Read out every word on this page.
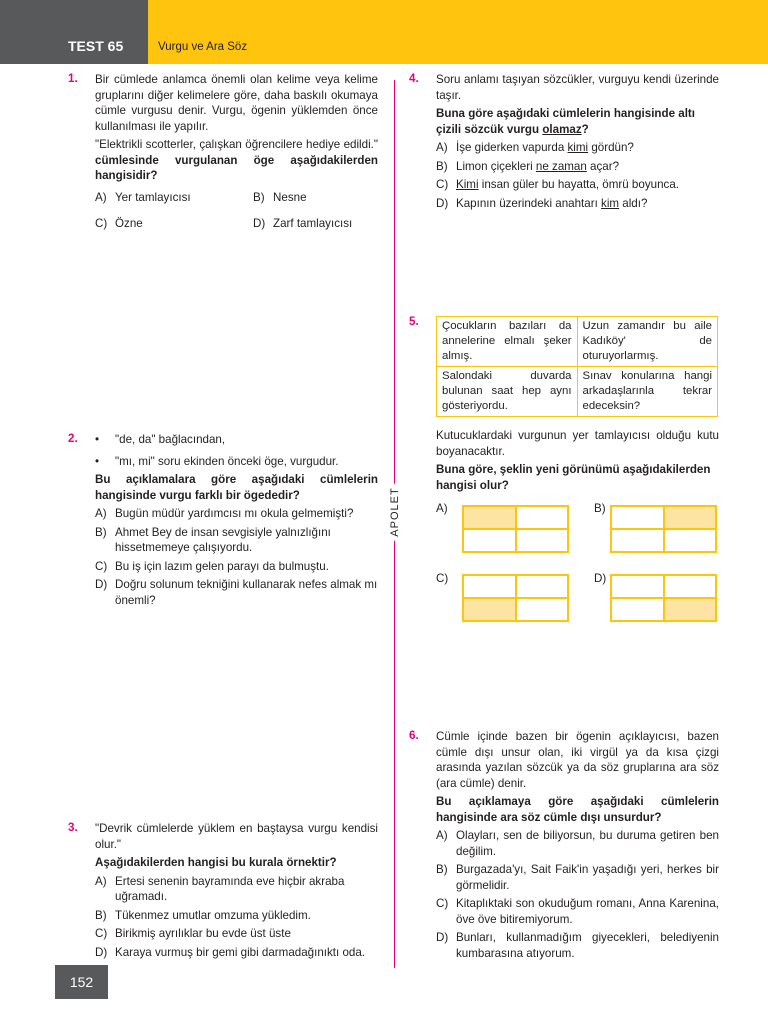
TEST 65	Vurgu ve Ara Söz
APOLET
1. Bir cümlede anlamca önemli olan kelime veya kelime gruplarını diğer kelimelere göre, daha baskılı okumaya cümle vurgusu denir. Vurgu, ögenin yüklemden önce kullanılması ile yapılır.

"Elektrikli scotterler, çalışkan öğrencilere hediye edildi." cümlesinde vurgulanan öge aşağıdakilerden hangisidir?

A) Yer tamlayıcısı	B) Nesne
C) Özne	D) Zarf tamlayıcısı
2. •	"de, da" bağlacından,
•	"mı, mi" soru ekinden önceki öge, vurgudur.

Bu açıklamalara göre aşağıdaki cümlelerin hangisinde vurgu farklı bir ögededir?

A) Bugün müdür yardımcısı mı okula gelmemişti?
B) Ahmet Bey de insan sevgisiyle yalnızlığını hissetmemeye çalışıyordu.
C) Bu iş için lazım gelen parayı da bulmuştu.
D) Doğru solunum tekniğini kullanarak nefes almak mı önemli?
3. "Devrik cümlelerde yüklem en baştaysa vurgu kendisi olur."

Aşağıdakilerden hangisi bu kurala örnektir?

A) Ertesi senenin bayramında eve hiçbir akraba uğramadı.
B) Tükenmez umutlar omzuma yükledim.
C) Birikmiş ayrılıklar bu evde üst üste
D) Karaya vurmuş bir gemi gibi darmadağınıktı oda.
4. Soru anlamı taşıyan sözcükler, vurguyu kendi üzerinde taşır.

Buna göre aşağıdaki cümlelerin hangisinde altı çizili sözcük vurgu olamaz?

A) İşe giderken vapurda kimi gördün?
B) Limon çiçekleri ne zaman açar?
C) Kimi insan güler bu hayatta, ömrü boyunca.
D) Kapının üzerindeki anahtarı kim aldı?
5. Çocukların bazıları da annelerine elmalı şeker almış.	Uzun zamandır bu aile Kadıköy' de oturuyorlarmış.
Salondaki duvarda bulunan saat hep aynı gösteriyordu.	Sınav konularına hangi arkadaşlarınla tekrar edeceksin?

Kutucuklardaki vurgunun yer tamlayıcısı olduğu kutu boyanacaktır.

Buna göre, şeklin yeni görünümü aşağıdakilerden hangisi olur?

A)	B)
C)	D)
6. Cümle içinde bazen bir ögenin açıklayıcısı, bazen cümle dışı unsur olan, iki virgül ya da kısa çizgi arasında yazılan sözcük ya da söz gruplarına ara söz (ara cümle) denir.

Bu açıklamaya göre aşağıdaki cümlelerin hangisinde ara söz cümle dışı unsurdur?

A) Olayları, sen de biliyorsun, bu duruma getiren ben değilim.
B) Burgazada'yı, Sait Faik'in yaşadığı yeri, herkes bir görmelidir.
C) Kitaplıktaki son okuduğum romanı, Anna Karenina, öve öve bitiremiyorum.
D) Bunları, kullanmadığım giyecekleri, belediyenin kumbarasına atıyorum.
152
